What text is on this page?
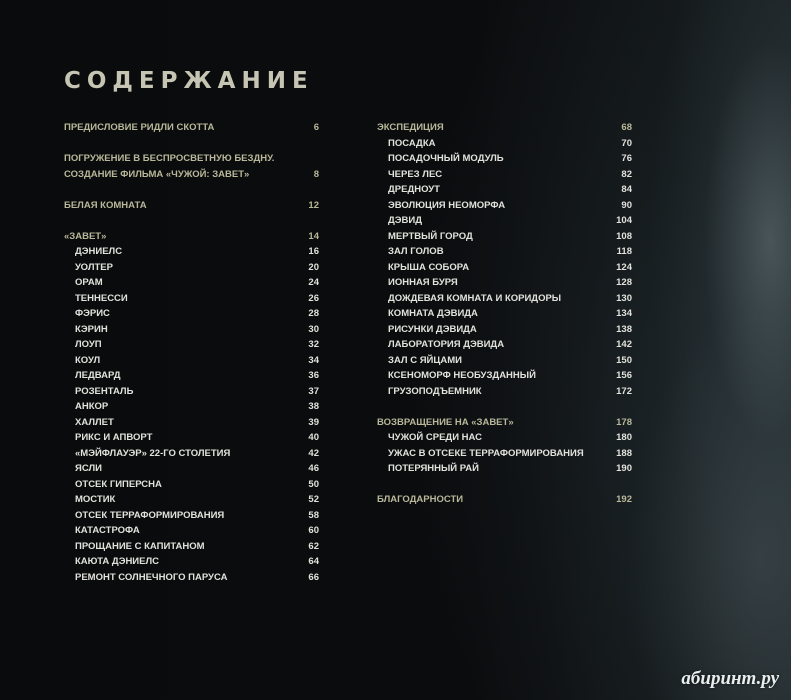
СОДЕРЖАНИЕ
ПРЕДИСЛОВИЕ РИДЛИ СКОТТА	6
ПОГРУЖЕНИЕ В БЕСПРОСВЕТНУЮ БЕЗДНУ.
СОЗДАНИЕ ФИЛЬМА «ЧУЖОЙ: ЗАВЕТ»	8
БЕЛАЯ КОМНАТА	12
«ЗАВЕТ»	14
ДЭНИЕЛС	16
УОЛТЕР	20
ОРАМ	24
ТЕННЕССИ	26
ФЭРИС	28
КЭРИН	30
ЛОУП	32
КОУЛ	34
ЛЕДВАРД	36
РОЗЕНТАЛЬ	37
АНКОР	38
ХАЛЛЕТ	39
РИКС И АПВОРТ	40
«МЭЙФЛАУЭР» 22-ГО СТОЛЕТИЯ	42
ЯСЛИ	46
ОТСЕК ГИПЕРСНА	50
МОСТИК	52
ОТСЕК ТЕРРАФОРМИРОВАНИЯ	58
КАТАСТРОФА	60
ПРОЩАНИЕ С КАПИТАНОМ	62
КАЮТА ДЭНИЕЛС	64
РЕМОНТ СОЛНЕЧНОГО ПАРУСА	66
ЭКСПЕДИЦИЯ	68
ПОСАДКА	70
ПОСАДОЧНЫЙ МОДУЛЬ	76
ЧЕРЕЗ ЛЕС	82
ДРЕДНОУТ	84
ЭВОЛЮЦИЯ НЕОМОРФА	90
ДЭВИД	104
МЕРТВЫЙ ГОРОД	108
ЗАЛ ГОЛОВ	118
КРЫША СОБОРА	124
ИОННАЯ БУРЯ	128
ДОЖДЕВАЯ КОМНАТА И КОРИДОРЫ	130
КОМНАТА ДЭВИДА	134
РИСУНКИ ДЭВИДА	138
ЛАБОРАТОРИЯ ДЭВИДА	142
ЗАЛ С ЯЙЦАМИ	150
КСЕНОМОРФ НЕОБУЗДАННЫЙ	156
ГРУЗОПОДЪЕМНИК	172
ВОЗВРАЩЕНИЕ НА «ЗАВЕТ»	178
ЧУЖОЙ СРЕДИ НАС	180
УЖАС В ОТСЕКЕ ТЕРРАФОРМИРОВАНИЯ	188
ПОТЕРЯННЫЙ РАЙ	190
БЛАГОДАРНОСТИ	192
абиринт.ру
